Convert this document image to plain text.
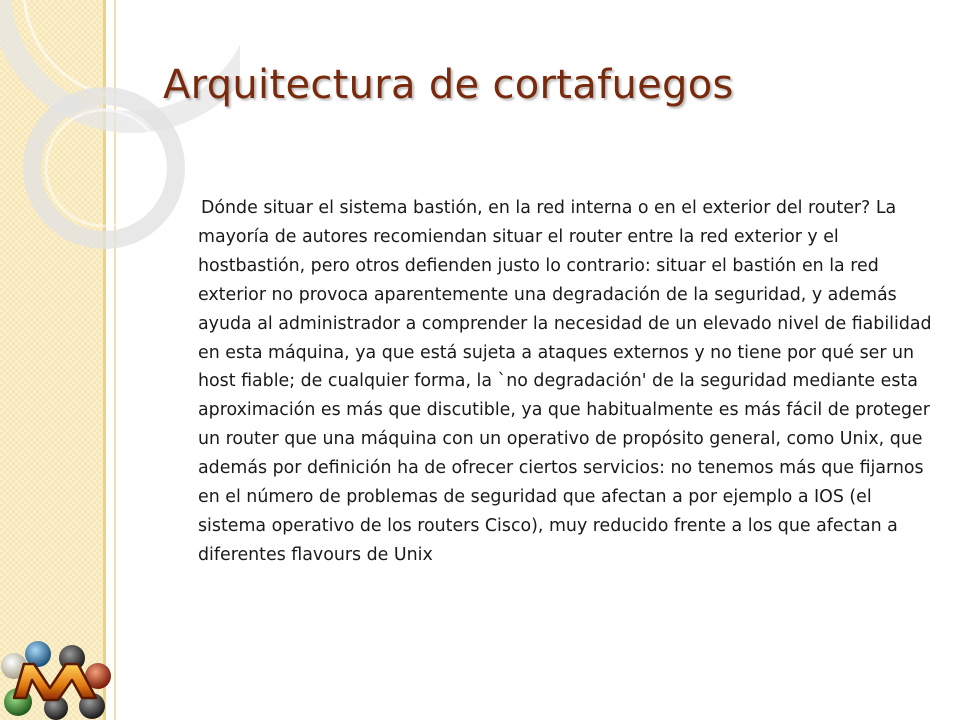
Arquitectura de cortafuegos

Dónde situar el sistema bastión, en la red interna o en el exterior del router? La mayoría de autores recomiendan situar el router entre la red exterior y el hostbastión, pero otros defienden justo lo contrario: situar el bastión en la red exterior no provoca aparentemente una degradación de la seguridad, y además ayuda al administrador a comprender la necesidad de un elevado nivel de fiabilidad en esta máquina, ya que está sujeta a ataques externos y no tiene por qué ser un host fiable; de cualquier forma, la `no degradación' de la seguridad mediante esta aproximación es más que discutible, ya que habitualmente es más fácil de proteger un router que una máquina con un operativo de propósito general, como Unix, que además por definición ha de ofrecer ciertos servicios: no tenemos más que fijarnos en el número de problemas de seguridad que afectan a por ejemplo a IOS (el sistema operativo de los routers Cisco), muy reducido frente a los que afectan a diferentes flavours de Unix
